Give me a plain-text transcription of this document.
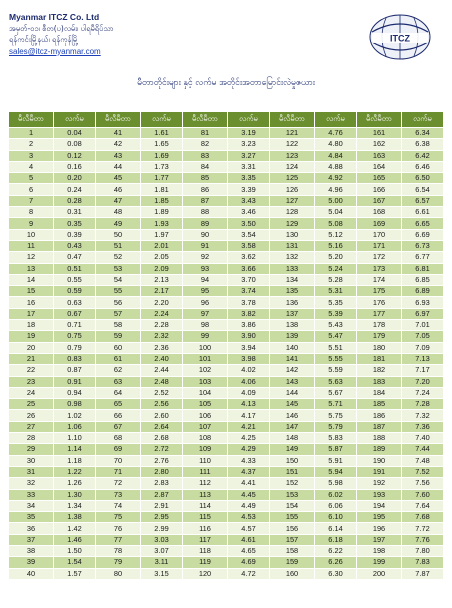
Myanmar ITCZ Co. Ltd
အမှတ်-၀၁၊ စီတ(ပ)လမ်း၊ ပါရမီရိပ်သာ
ရန်ကင်းမြို့နယ်၊ ရန်ကုန်မြို့
sales@itcz-myanmar.com
ITCZ
မီတာတိုင်းများ နှင့် လက်မ အတိုင်းအတာမြောင်းလဲမှုဇယား
မီလီမီတာ	လက်မ	မီလီမီတာ	လက်မ	မီလီမီတာ	လက်မ	မီလီမီတာ	လက်မ	မီလီမီတာ	လက်မ
1	0.04	41	1.61	81	3.19	121	4.76	161	6.34
2	0.08	42	1.65	82	3.23	122	4.80	162	6.38
3	0.12	43	1.69	83	3.27	123	4.84	163	6.42
4	0.16	44	1.73	84	3.31	124	4.88	164	6.46
5	0.20	45	1.77	85	3.35	125	4.92	165	6.50
6	0.24	46	1.81	86	3.39	126	4.96	166	6.54
7	0.28	47	1.85	87	3.43	127	5.00	167	6.57
8	0.31	48	1.89	88	3.46	128	5.04	168	6.61
9	0.35	49	1.93	89	3.50	129	5.08	169	6.65
10	0.39	50	1.97	90	3.54	130	5.12	170	6.69
11	0.43	51	2.01	91	3.58	131	5.16	171	6.73
12	0.47	52	2.05	92	3.62	132	5.20	172	6.77
13	0.51	53	2.09	93	3.66	133	5.24	173	6.81
14	0.55	54	2.13	94	3.70	134	5.28	174	6.85
15	0.59	55	2.17	95	3.74	135	5.31	175	6.89
16	0.63	56	2.20	96	3.78	136	5.35	176	6.93
17	0.67	57	2.24	97	3.82	137	5.39	177	6.97
18	0.71	58	2.28	98	3.86	138	5.43	178	7.01
19	0.75	59	2.32	99	3.90	139	5.47	179	7.05
20	0.79	60	2.36	100	3.94	140	5.51	180	7.09
21	0.83	61	2.40	101	3.98	141	5.55	181	7.13
22	0.87	62	2.44	102	4.02	142	5.59	182	7.17
23	0.91	63	2.48	103	4.06	143	5.63	183	7.20
24	0.94	64	2.52	104	4.09	144	5.67	184	7.24
25	0.98	65	2.56	105	4.13	145	5.71	185	7.28
26	1.02	66	2.60	106	4.17	146	5.75	186	7.32
27	1.06	67	2.64	107	4.21	147	5.79	187	7.36
28	1.10	68	2.68	108	4.25	148	5.83	188	7.40
29	1.14	69	2.72	109	4.29	149	5.87	189	7.44
30	1.18	70	2.76	110	4.33	150	5.91	190	7.48
31	1.22	71	2.80	111	4.37	151	5.94	191	7.52
32	1.26	72	2.83	112	4.41	152	5.98	192	7.56
33	1.30	73	2.87	113	4.45	153	6.02	193	7.60
34	1.34	74	2.91	114	4.49	154	6.06	194	7.64
35	1.38	75	2.95	115	4.53	155	6.10	195	7.68
36	1.42	76	2.99	116	4.57	156	6.14	196	7.72
37	1.46	77	3.03	117	4.61	157	6.18	197	7.76
38	1.50	78	3.07	118	4.65	158	6.22	198	7.80
39	1.54	79	3.11	119	4.69	159	6.26	199	7.83
40	1.57	80	3.15	120	4.72	160	6.30	200	7.87
